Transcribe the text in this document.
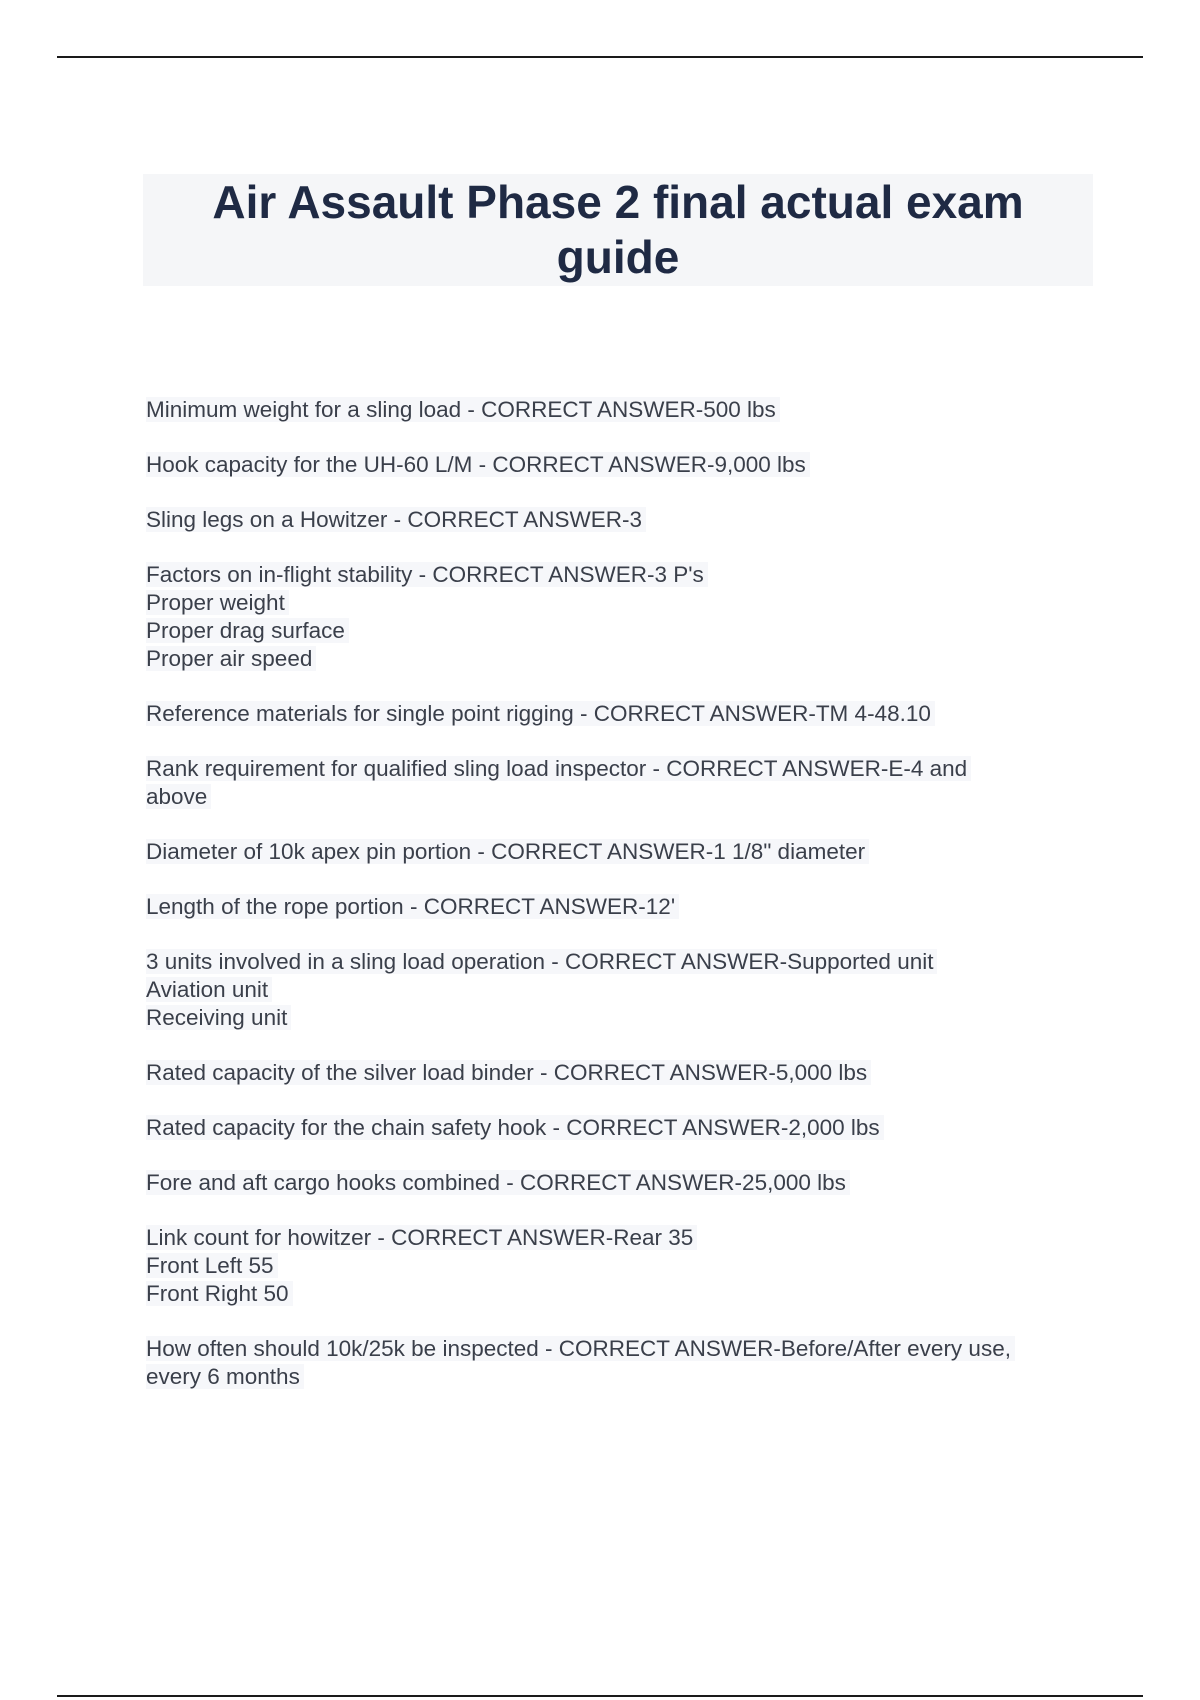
Air Assault Phase 2 final actual exam guide

Minimum weight for a sling load - CORRECT ANSWER-500 lbs

Hook capacity for the UH-60 L/M - CORRECT ANSWER-9,000 lbs

Sling legs on a Howitzer - CORRECT ANSWER-3

Factors on in-flight stability - CORRECT ANSWER-3 P's
Proper weight
Proper drag surface
Proper air speed

Reference materials for single point rigging - CORRECT ANSWER-TM 4-48.10

Rank requirement for qualified sling load inspector - CORRECT ANSWER-E-4 and
above

Diameter of 10k apex pin portion - CORRECT ANSWER-1 1/8" diameter

Length of the rope portion - CORRECT ANSWER-12'

3 units involved in a sling load operation - CORRECT ANSWER-Supported unit
Aviation unit
Receiving unit

Rated capacity of the silver load binder - CORRECT ANSWER-5,000 lbs

Rated capacity for the chain safety hook - CORRECT ANSWER-2,000 lbs

Fore and aft cargo hooks combined - CORRECT ANSWER-25,000 lbs

Link count for howitzer - CORRECT ANSWER-Rear 35
Front Left 55
Front Right 50

How often should 10k/25k be inspected - CORRECT ANSWER-Before/After every use,
every 6 months
